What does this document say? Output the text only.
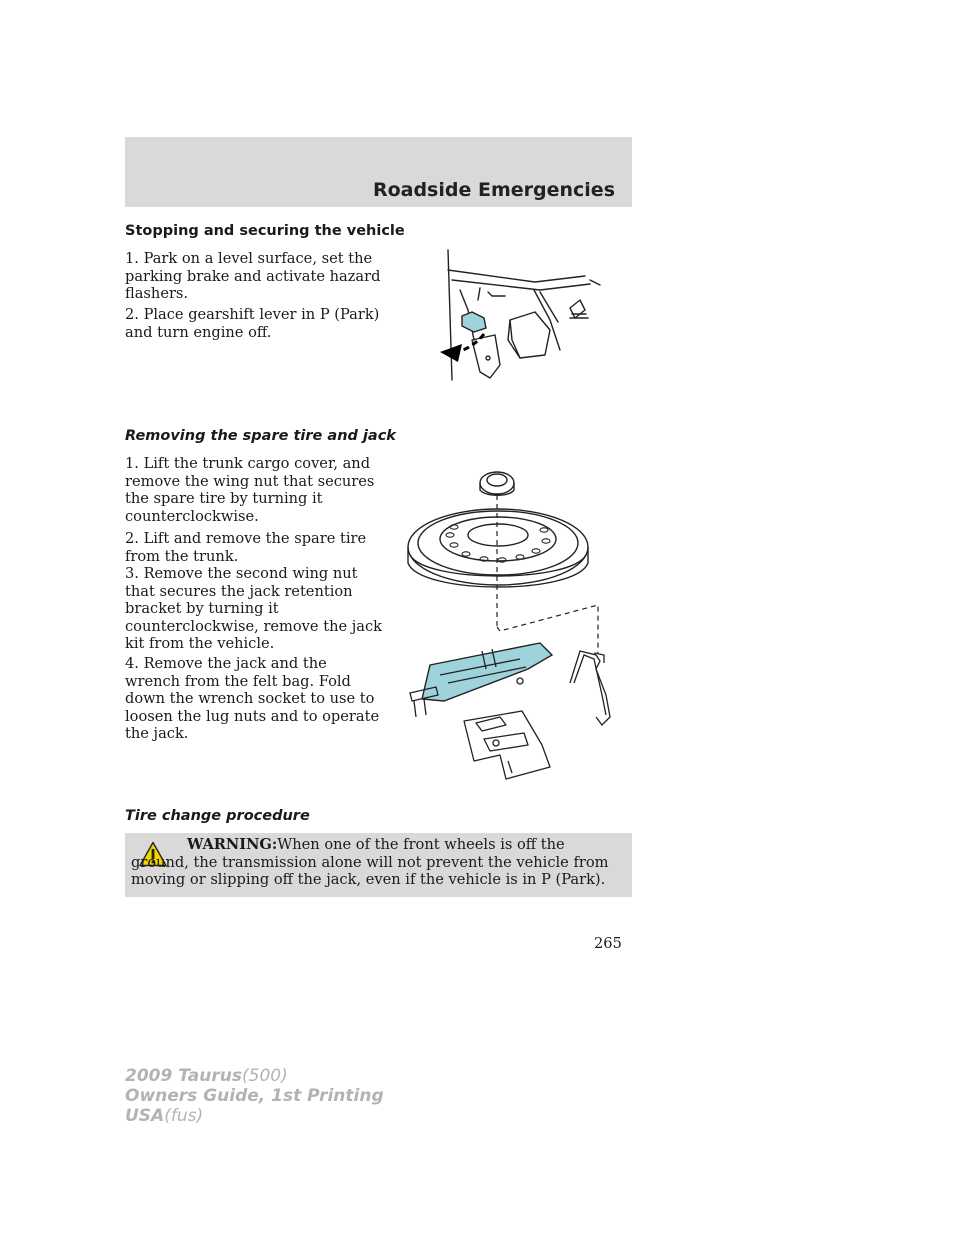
Roadside Emergencies
Stopping and securing the vehicle

1. Park on a level surface, set the parking brake and activate hazard flashers.

2. Place gearshift lever in P (Park) and turn engine off.

Removing the spare tire and jack

1. Lift the trunk cargo cover, and remove the wing nut that secures the spare tire by turning it counterclockwise.

2. Lift and remove the spare tire from the trunk.

3. Remove the second wing nut that secures the jack retention bracket by turning it counterclockwise, remove the jack kit from the vehicle.

4. Remove the jack and the wrench from the felt bag. Fold down the wrench socket to use to loosen the lug nuts and to operate the jack.

Tire change procedure

WARNING:When one of the front wheels is off the ground, the transmission alone will not prevent the vehicle from moving or slipping off the jack, even if the vehicle is in P (Park).

265
2009 Taurus(500)
Owners Guide, 1st Printing
USA(fus)
